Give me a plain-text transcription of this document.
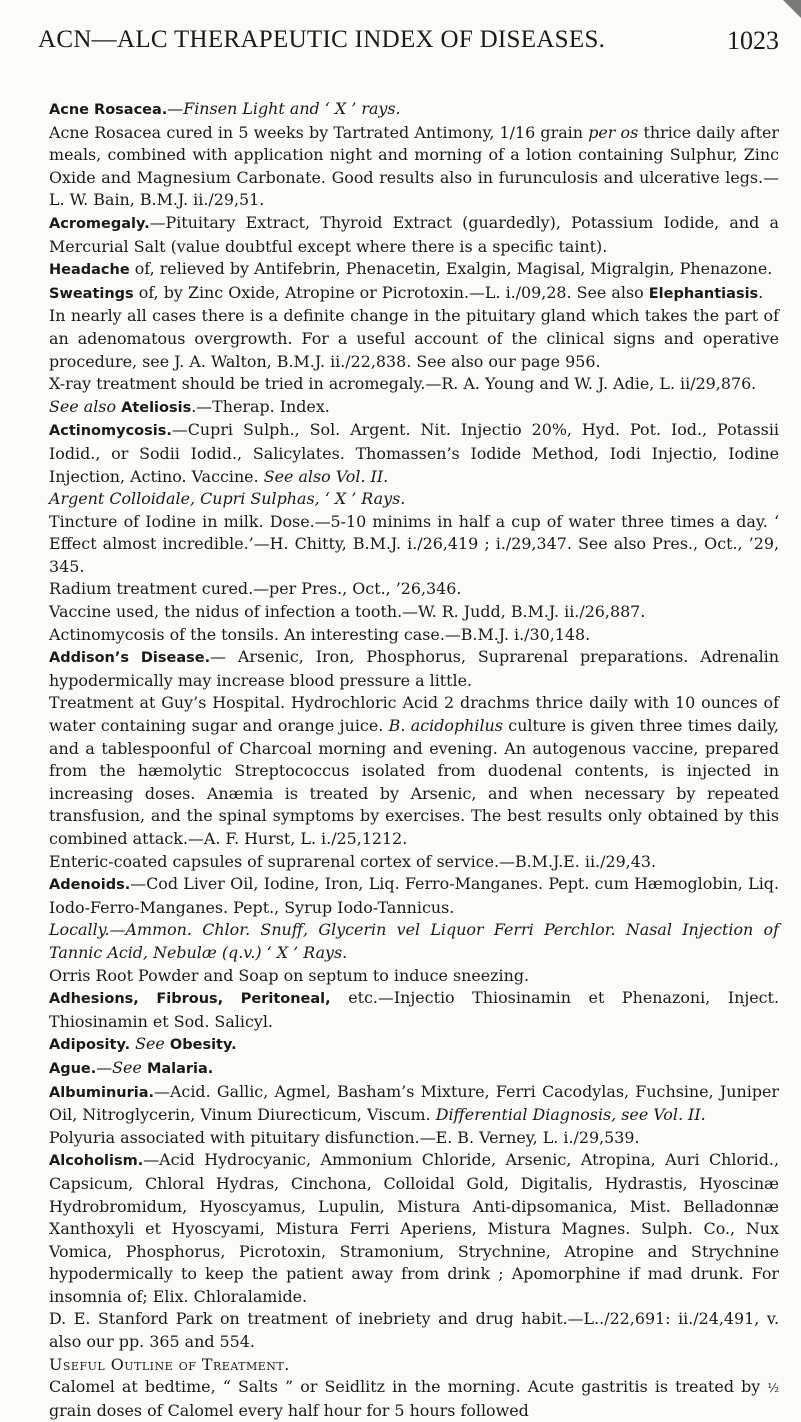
ACN—ALC THERAPEUTIC INDEX OF DISEASES.	1023

Acne Rosacea.—Finsen Light and ‘ X ’ rays.

Acne Rosacea cured in 5 weeks by Tartrated Antimony, 1/16 grain per os thrice daily after meals, combined with application night and morning of a lotion containing Sulphur, Zinc Oxide and Magnesium Carbonate. Good results also in furunculosis and ulcerative legs.—L. W. Bain, B.M.J. ii./29,51.

Acromegaly.—Pituitary Extract, Thyroid Extract (guardedly), Potassium Iodide, and a Mercurial Salt (value doubtful except where there is a specific taint).

Headache of, relieved by Antifebrin, Phenacetin, Exalgin, Magisal, Migralgin, Phenazone.

Sweatings of, by Zinc Oxide, Atropine or Picrotoxin.—L. i./09,28. See also Elephantiasis.

In nearly all cases there is a definite change in the pituitary gland which takes the part of an adenomatous overgrowth. For a useful account of the clinical signs and operative procedure, see J. A. Walton, B.M.J. ii./22,838. See also our page 956.

X-ray treatment should be tried in acromegaly.—R. A. Young and W. J. Adie, L. ii/29,876.

See also Ateliosis.—Therap. Index.

Actinomycosis.—Cupri Sulph., Sol. Argent. Nit. Injectio 20%, Hyd. Pot. Iod., Potassii Iodid., or Sodii Iodid., Salicylates. Thomassen’s Iodide Method, Iodi Injectio, Iodine Injection, Actino. Vaccine. See also Vol. II.

Argent Colloidale, Cupri Sulphas, ‘ X ’ Rays.

Tincture of Iodine in milk. Dose.—5-10 minims in half a cup of water three times a day. ‘ Effect almost incredible.’—H. Chitty, B.M.J. i./26,419 ; i./29,347. See also Pres., Oct., ’29, 345.

Radium treatment cured.—per Pres., Oct., ’26,346.

Vaccine used, the nidus of infection a tooth.—W. R. Judd, B.M.J. ii./26,887.

Actinomycosis of the tonsils. An interesting case.—B.M.J. i./30,148.

Addison’s Disease.— Arsenic, Iron, Phosphorus, Suprarenal preparations. Adrenalin hypodermically may increase blood pressure a little.

Treatment at Guy’s Hospital. Hydrochloric Acid 2 drachms thrice daily with 10 ounces of water containing sugar and orange juice. B. acidophilus culture is given three times daily, and a tablespoonful of Charcoal morning and evening. An autogenous vaccine, prepared from the hæmolytic Streptococcus isolated from duodenal contents, is injected in increasing doses. Anæmia is treated by Arsenic, and when necessary by repeated transfusion, and the spinal symptoms by exercises. The best results only obtained by this combined attack.—A. F. Hurst, L. i./25,1212.

Enteric-coated capsules of suprarenal cortex of service.—B.M.J.E. ii./29,43.

Adenoids.—Cod Liver Oil, Iodine, Iron, Liq. Ferro-Manganes. Pept. cum Hæmoglobin, Liq. Iodo-Ferro-Manganes. Pept., Syrup Iodo-Tannicus.

Locally.—Ammon. Chlor. Snuff, Glycerin vel Liquor Ferri Perchlor. Nasal Injection of Tannic Acid, Nebulæ (q.v.) ‘ X ’ Rays.

Orris Root Powder and Soap on septum to induce sneezing.

Adhesions, Fibrous, Peritoneal, etc.—Injectio Thiosinamin et Phenazoni, Inject. Thiosinamin et Sod. Salicyl.

Adiposity. See Obesity.

Ague.—See Malaria.

Albuminuria.—Acid. Gallic, Agmel, Basham’s Mixture, Ferri Cacodylas, Fuchsine, Juniper Oil, Nitroglycerin, Vinum Diurecticum, Viscum. Differential Diagnosis, see Vol. II.

Polyuria associated with pituitary disfunction.—E. B. Verney, L. i./29,539.

Alcoholism.—Acid Hydrocyanic, Ammonium Chloride, Arsenic, Atropina, Auri Chlorid., Capsicum, Chloral Hydras, Cinchona, Colloidal Gold, Digitalis, Hydrastis, Hyoscinæ Hydrobromidum, Hyoscyamus, Lupulin, Mistura Anti-dipsomanica, Mist. Belladonnæ Xanthoxyli et Hyoscyami, Mistura Ferri Aperiens, Mistura Magnes. Sulph. Co., Nux Vomica, Phosphorus, Picrotoxin, Stramonium, Strychnine, Atropine and Strychnine hypodermically to keep the patient away from drink ; Apomorphine if mad drunk. For insomnia of; Elix. Chloralamide.

D. E. Stanford Park on treatment of inebriety and drug habit.—L../22,691: ii./24,491, v. also our pp. 365 and 554.

Useful Outline of Treatment.

Calomel at bedtime, “ Salts ” or Seidlitz in the morning. Acute gastritis is treated by ½ grain doses of Calomel every half hour for 5 hours followed
